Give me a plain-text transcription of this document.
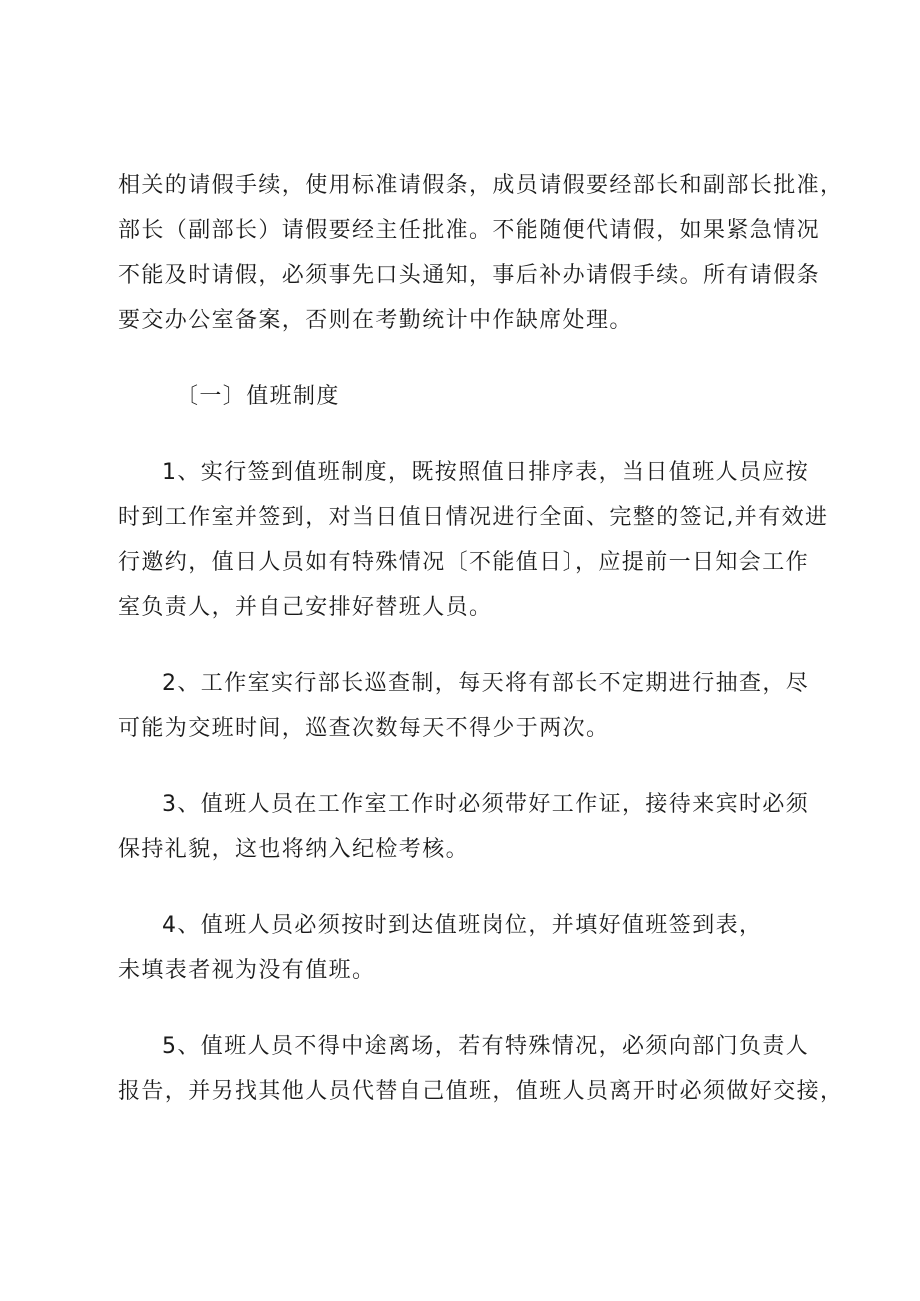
相关的请假手续，使用标准请假条，成员请假要经部长和副部长批准，
部长（副部长）请假要经主任批准。不能随便代请假，如果紧急情况
不能及时请假，必须事先口头通知，事后补办请假手续。所有请假条
要交办公室备案，否则在考勤统计中作缺席处理。
〔一〕值班制度
1、实行签到值班制度，既按照值日排序表，当日值班人员应按
时到工作室并签到，对当日值日情况进行全面、完整的签记,并有效进
行邀约，值日人员如有特殊情况〔不能值日〕，应提前一日知会工作
室负责人，并自己安排好替班人员。
2、工作室实行部长巡查制，每天将有部长不定期进行抽查，尽
可能为交班时间，巡查次数每天不得少于两次。
3、值班人员在工作室工作时必须带好工作证，接待来宾时必须
保持礼貌，这也将纳入纪检考核。
4、值班人员必须按时到达值班岗位，并填好值班签到表，
未填表者视为没有值班。
5、值班人员不得中途离场，若有特殊情况，必须向部门负责人
报告，并另找其他人员代替自己值班，值班人员离开时必须做好交接，
